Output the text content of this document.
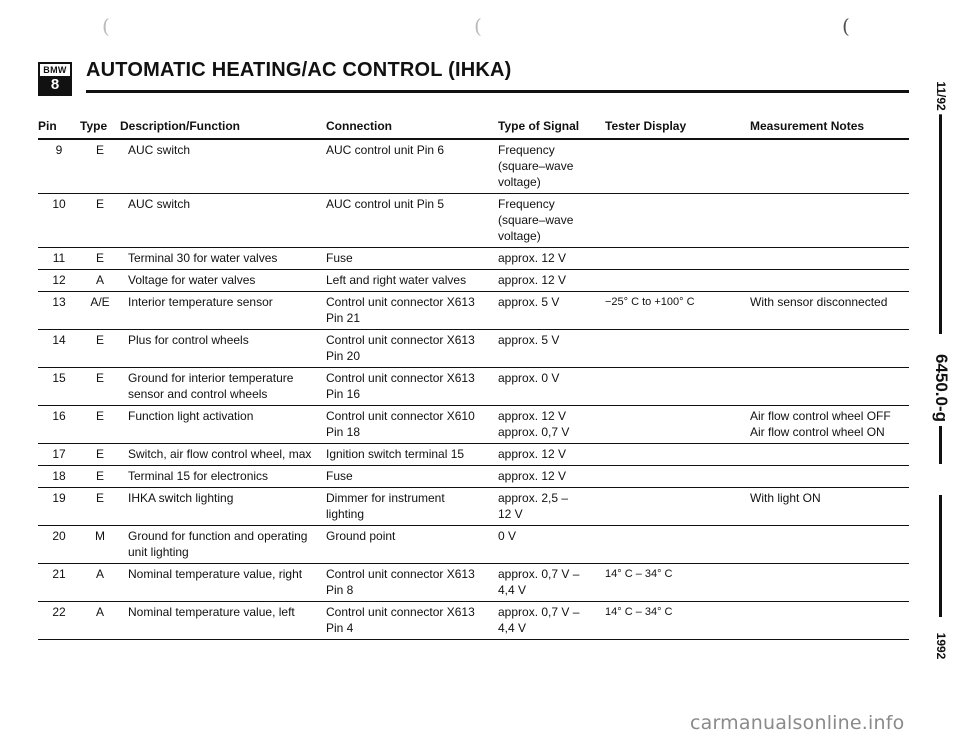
(	(	(
BMW
8
AUTOMATIC HEATING/AC CONTROL (IHKA)
Pin	Type	Description/Function	Connection	Type of Signal	Tester Display	Measurement Notes
9	E	AUC switch	AUC control unit Pin 6	Frequency
(square–wave
voltage)		
10	E	AUC switch	AUC control unit Pin 5	Frequency
(square–wave
voltage)		
11	E	Terminal 30 for water valves	Fuse	approx. 12 V		
12	A	Voltage for water valves	Left and right water valves	approx. 12 V		
13	A/E	Interior temperature sensor	Control unit connector X613
Pin 21	approx. 5 V	−25° C to +100° C	With sensor disconnected
14	E	Plus for control wheels	Control unit connector X613
Pin 20	approx. 5 V		
15	E	Ground for interior temperature
sensor and control wheels	Control unit connector X613
Pin 16	approx. 0 V		
16	E	Function light activation	Control unit connector X610
Pin 18	approx. 12 V
approx. 0,7 V		Air flow control wheel OFF
Air flow control wheel ON
17	E	Switch, air flow control wheel, max	Ignition switch terminal 15	approx. 12 V		
18	E	Terminal 15 for electronics	Fuse	approx. 12 V		
19	E	IHKA switch lighting	Dimmer for instrument
lighting	approx. 2,5 –
12 V		With light ON
20	M	Ground for function and operating
unit lighting	Ground point	0 V		
21	A	Nominal temperature value, right	Control unit connector X613
Pin 8	approx. 0,7 V –
4,4 V	14° C – 34° C	
22	A	Nominal temperature value, left	Control unit connector X613
Pin 4	approx. 0,7 V –
4,4 V	14° C – 34° C	
11/92
6450.0-g
1992
carmanualsonline.info
